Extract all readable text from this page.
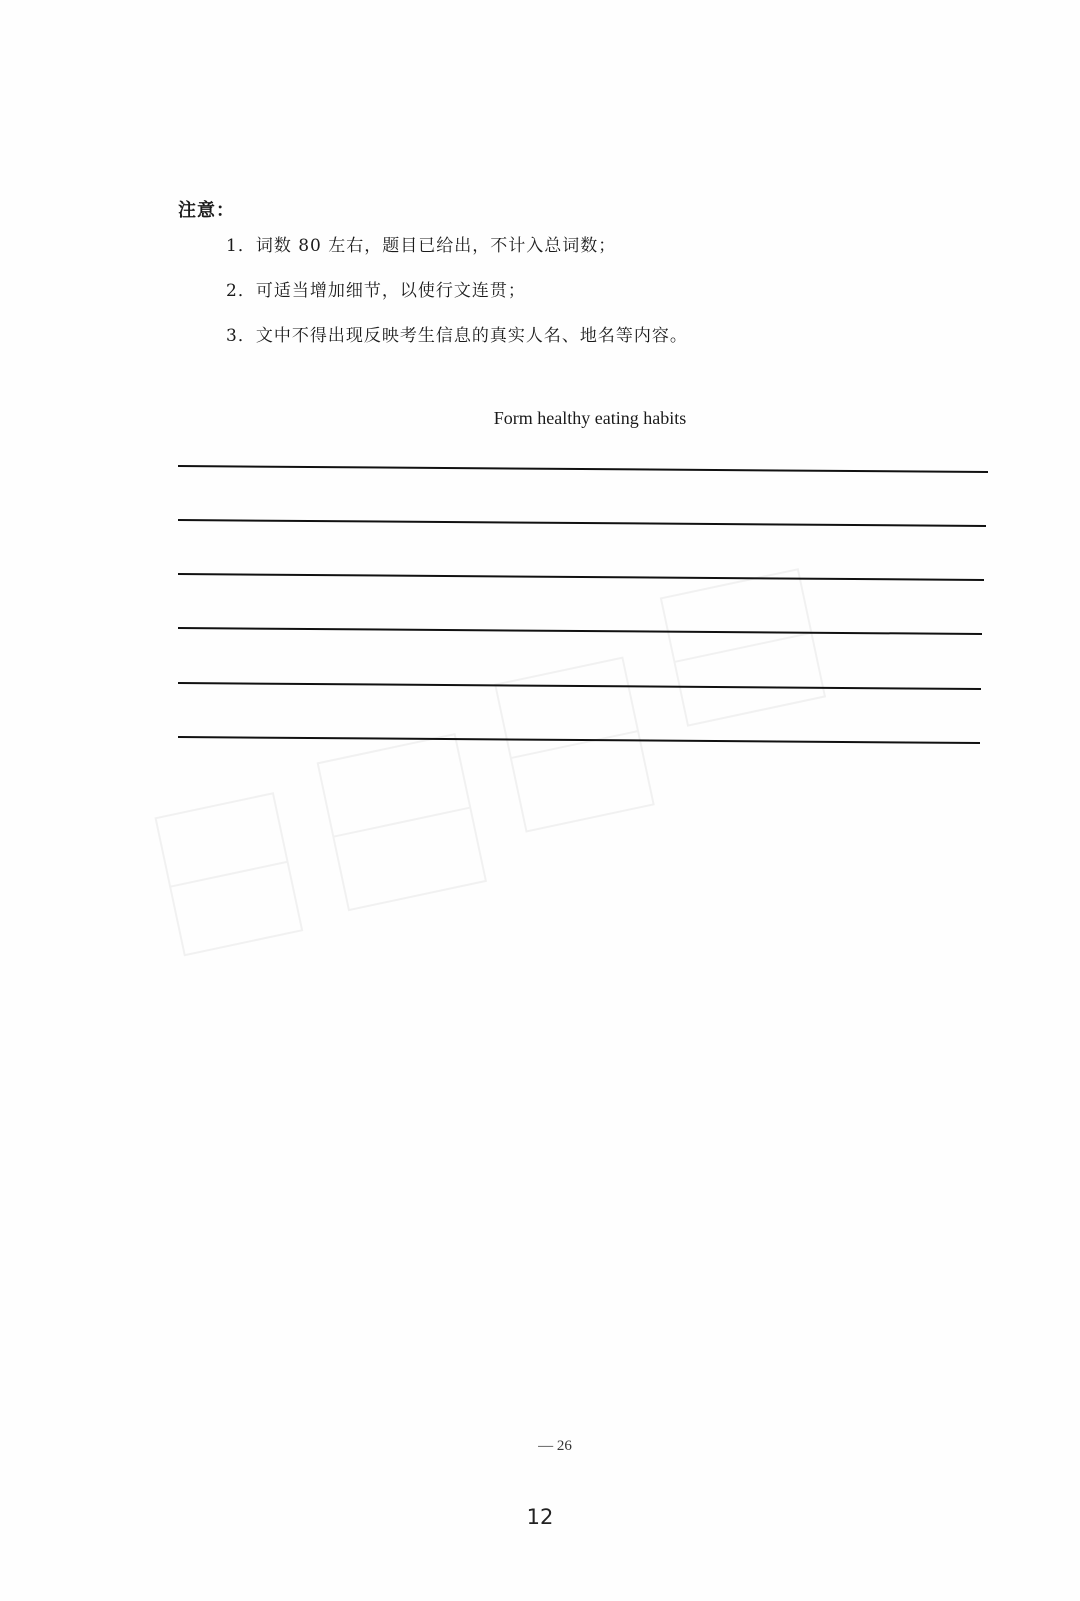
注意：
1．词数 80 左右，题目已给出，不计入总词数；
2．可适当增加细节，以使行文连贯；
3．文中不得出现反映考生信息的真实人名、地名等内容。
Form healthy eating habits
— 26
12
